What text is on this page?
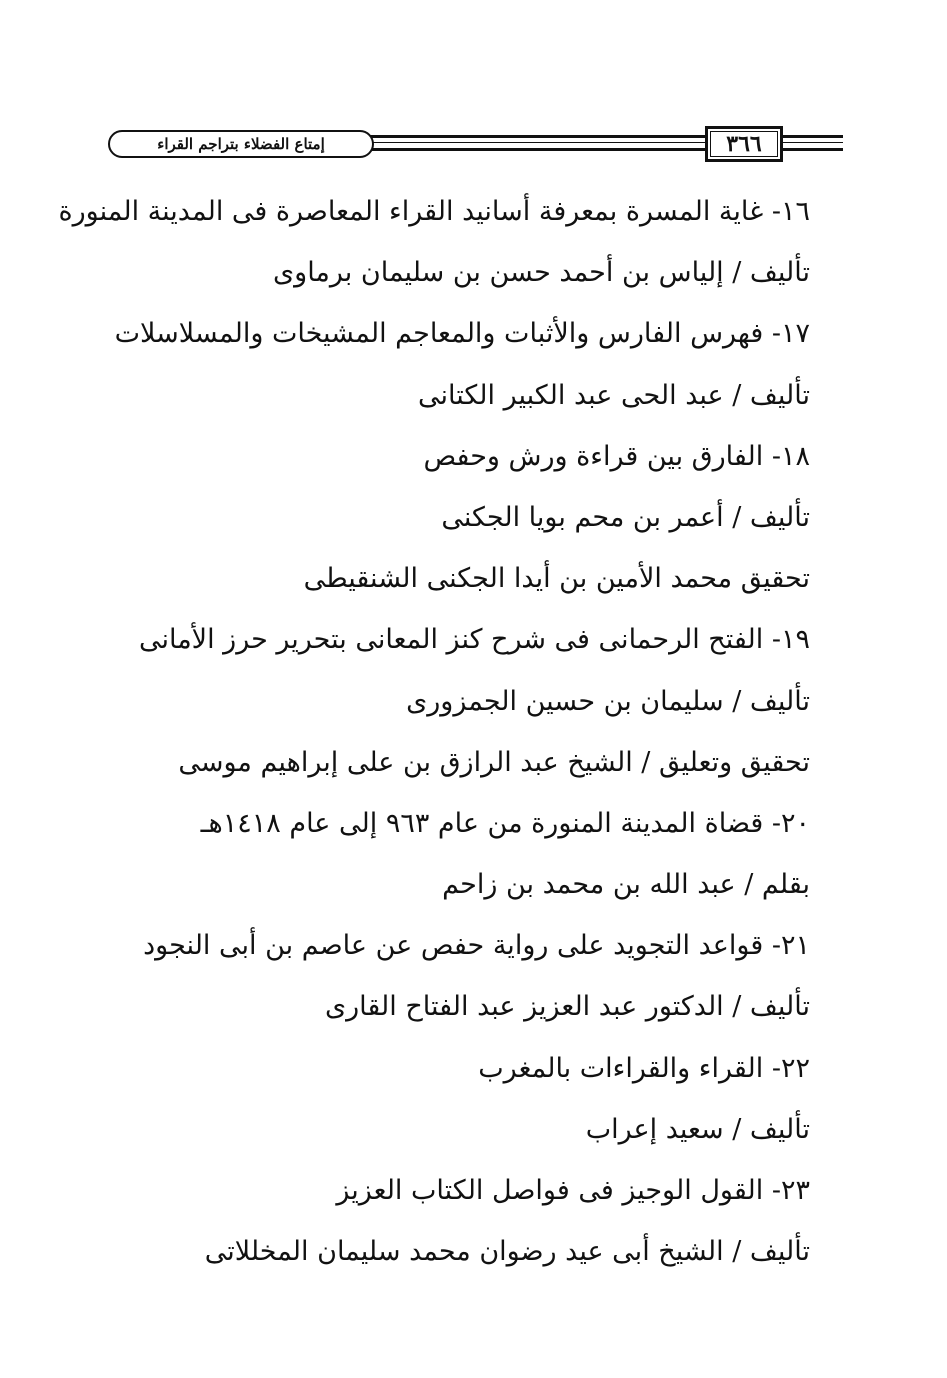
إمتاع الفضلاء بتراجم القراء	٣٦٦
١٦- غاية المسرة بمعرفة أسانيد القراء المعاصرة فى المدينة المنورة
تأليف / إلياس بن أحمد حسن بن سليمان برماوى
١٧- فهرس الفارس والأثبات والمعاجم المشيخات والمسلاسلات
تأليف / عبد الحى عبد الكبير الكتانى
١٨- الفارق بين قراءة ورش وحفص
تأليف / أعمر بن محم بويا الجكنى
تحقيق محمد الأمين بن أيدا الجكنى الشنقيطى
١٩- الفتح الرحمانى فى شرح كنز المعانى بتحرير حرز الأمانى
تأليف / سليمان بن حسين الجمزورى
تحقيق وتعليق / الشيخ عبد الرازق بن على إبراهيم موسى
٢٠- قضاة المدينة المنورة من عام ٩٦٣ إلى عام ١٤١٨هـ
بقلم / عبد الله بن محمد بن زاحم
٢١- قواعد التجويد على رواية حفص عن عاصم بن أبى النجود
تأليف / الدكتور عبد العزيز عبد الفتاح القارى
٢٢- القراء والقراءات بالمغرب
تأليف / سعيد إعراب
٢٣- القول الوجيز فى فواصل الكتاب العزيز
تأليف / الشيخ أبى عيد رضوان محمد سليمان المخللاتى
